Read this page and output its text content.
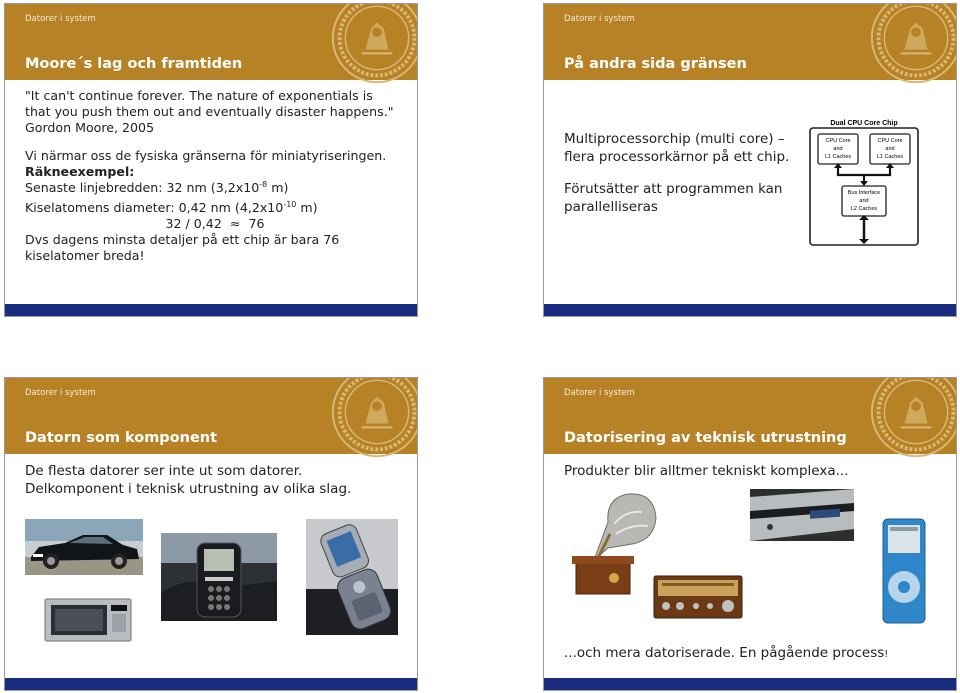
Datorer i system
Moore´s lag och framtiden

"It can't continue forever. The nature of exponentials is

that you push them out and eventually disaster happens."

Gordon Moore, 2005

Vi närmar oss de fysiska gränserna för miniatyriseringen.

Räkneexempel:

Senaste linjebredden: 32 nm ($3,2x10^{-8}$ m)

Kiselatomens diameter: 0,42 nm ($4,2x10^{-10}$ m)

32 / 0,42 ≈ 76

Dvs dagens minsta detaljer på ett chip är bara 76

kiselatomer breda!

Datorer i system
På andra sida gränsen

Multiprocessorchip (multi core) –

flera processorkärnor på ett chip.

Förutsätter att programmen kan

parallelliseras

Dual CPU Core Chip
CPU Core
and
L1 Caches
CPU Core
and
L1 Caches
Bus Interface
and
L2 Caches
Datorer i system
Datorn som komponent

De flesta datorer ser inte ut som datorer.

Delkomponent i teknisk utrustning av olika slag.

Datorer i system
Datorisering av teknisk utrustning

Produkter blir alltmer tekniskt komplexa...

...och mera datoriserade. En pågående process!
